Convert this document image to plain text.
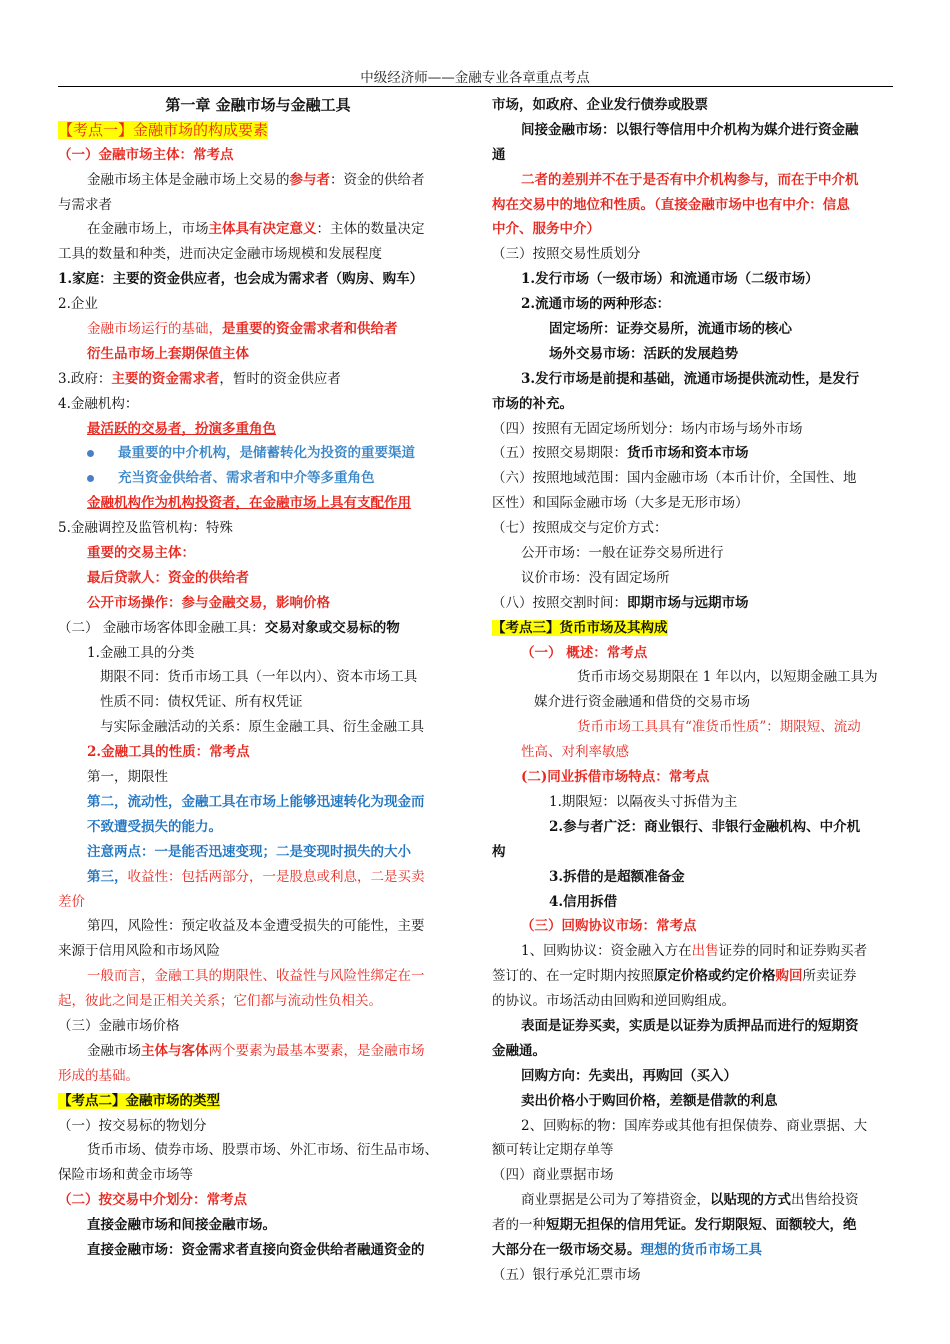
中级经济师——金融专业各章重点考点
第一章 金融市场与金融工具
【考点一】金融市场的构成要素
（一）金融市场主体：常考点
金融市场主体是金融市场上交易的参与者：资金的供给者
与需求者
在金融市场上，市场主体具有决定意义：主体的数量决定
工具的数量和种类，进而决定金融市场规模和发展程度
1.家庭：主要的资金供应者，也会成为需求者（购房、购车）
2.企业
金融市场运行的基础，是重要的资金需求者和供给者
衍生品市场上套期保值主体
3.政府：主要的资金需求者，暂时的资金供应者
4.金融机构：
最活跃的交易者，扮演多重角色
最重要的中介机构，是储蓄转化为投资的重要渠道
充当资金供给者、需求者和中介等多重角色
金融机构作为机构投资者，在金融市场上具有支配作用
5.金融调控及监管机构：特殊
重要的交易主体：
最后贷款人：资金的供给者
公开市场操作：参与金融交易，影响价格
（二） 金融市场客体即金融工具：交易对象或交易标的物
1.金融工具的分类
期限不同：货币市场工具（一年以内）、资本市场工具
性质不同：债权凭证、所有权凭证
与实际金融活动的关系：原生金融工具、衍生金融工具
2.金融工具的性质：常考点
第一，期限性
第二，流动性，金融工具在市场上能够迅速转化为现金而
不致遭受损失的能力。
注意两点：一是能否迅速变现；二是变现时损失的大小
第三，收益性：包括两部分，一是股息或利息，二是买卖
差价
第四，风险性：预定收益及本金遭受损失的可能性，主要
来源于信用风险和市场风险
一般而言，金融工具的期限性、收益性与风险性绑定在一
起，彼此之间是正相关关系；它们都与流动性负相关。
（三）金融市场价格
金融市场主体与客体两个要素为最基本要素，是金融市场
形成的基础。
【考点二】金融市场的类型
（一）按交易标的物划分
货币市场、债券市场、股票市场、外汇市场、衍生品市场、
保险市场和黄金市场等
（二）按交易中介划分：常考点
直接金融市场和间接金融市场。
直接金融市场：资金需求者直接向资金供给者融通资金的
市场，如政府、企业发行债券或股票
间接金融市场：以银行等信用中介机构为媒介进行资金融
通
二者的差别并不在于是否有中介机构参与，而在于中介机
构在交易中的地位和性质。（直接金融市场中也有中介：信息
中介、服务中介）
（三）按照交易性质划分
1.发行市场（一级市场）和流通市场（二级市场）
2.流通市场的两种形态：
固定场所：证券交易所，流通市场的核心
场外交易市场：活跃的发展趋势
3.发行市场是前提和基础，流通市场提供流动性，是发行
市场的补充。
（四）按照有无固定场所划分：场内市场与场外市场
（五）按照交易期限：货币市场和资本市场
（六）按照地域范围：国内金融市场（本币计价，全国性、地
区性）和国际金融市场（大多是无形市场）
（七）按照成交与定价方式：
公开市场：一般在证券交易所进行
议价市场：没有固定场所
（八）按照交割时间：即期市场与远期市场
【考点三】货币市场及其构成
（一） 概述：常考点
货币市场交易期限在 1 年以内，以短期金融工具为
媒介进行资金融通和借贷的交易市场
货币市场工具具有“准货币性质”：期限短、流动
性高、对利率敏感
(二)同业拆借市场特点：常考点
1.期限短：以隔夜头寸拆借为主
2.参与者广泛：商业银行、非银行金融机构、中介机
构
3.拆借的是超额准备金
4.信用拆借
（三）回购协议市场：常考点
1、回购协议：资金融入方在出售证券的同时和证券购买者
签订的、在一定时期内按照原定价格或约定价格购回所卖证券
的协议。市场活动由回购和逆回购组成。
表面是证券买卖，实质是以证券为质押品而进行的短期资
金融通。
回购方向：先卖出，再购回（买入）
卖出价格小于购回价格，差额是借款的利息
2、回购标的物：国库券或其他有担保债券、商业票据、大
额可转让定期存单等
（四）商业票据市场
商业票据是公司为了筹措资金，以贴现的方式出售给投资
者的一种短期无担保的信用凭证。发行期限短、面额较大，绝
大部分在一级市场交易。理想的货币市场工具
（五）银行承兑汇票市场
